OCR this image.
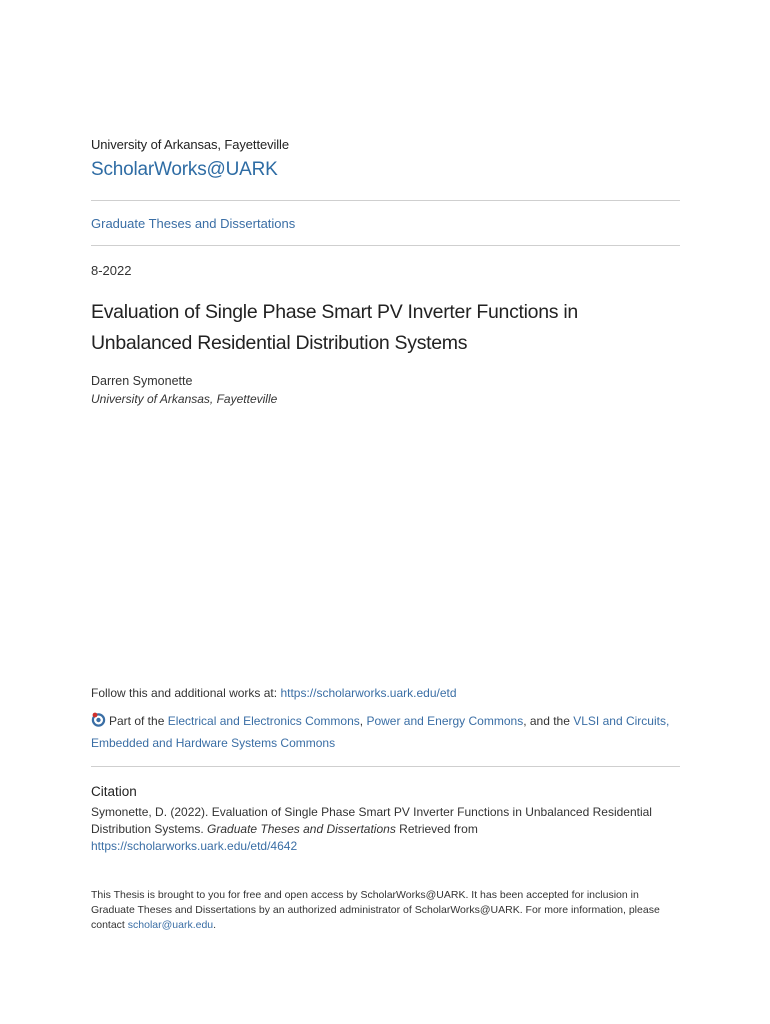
University of Arkansas, Fayetteville
ScholarWorks@UARK
Graduate Theses and Dissertations
8-2022
Evaluation of Single Phase Smart PV Inverter Functions in
Unbalanced Residential Distribution Systems
Darren Symonette
University of Arkansas, Fayetteville
Follow this and additional works at: https://scholarworks.uark.edu/etd
Part of the Electrical and Electronics Commons, Power and Energy Commons, and the VLSI and Circuits, Embedded and Hardware Systems Commons
Citation
Symonette, D. (2022). Evaluation of Single Phase Smart PV Inverter Functions in Unbalanced Residential Distribution Systems. Graduate Theses and Dissertations Retrieved from https://scholarworks.uark.edu/etd/4642
This Thesis is brought to you for free and open access by ScholarWorks@UARK. It has been accepted for inclusion in Graduate Theses and Dissertations by an authorized administrator of ScholarWorks@UARK. For more information, please contact scholar@uark.edu.
